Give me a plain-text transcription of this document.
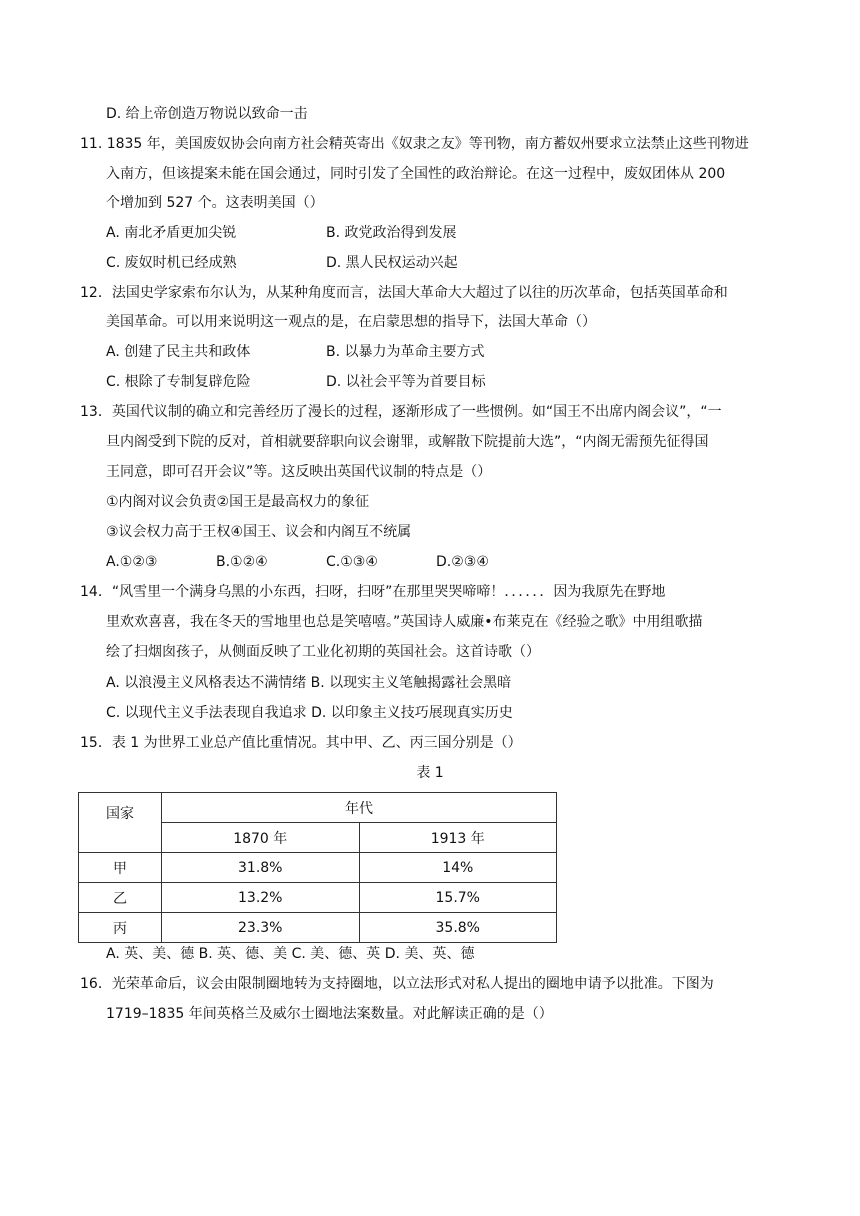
D. 给上帝创造万物说以致命一击
11. 1835 年，美国废奴协会向南方社会精英寄出《奴隶之友》等刊物，南方蓄奴州要求立法禁止这些刊物进
入南方，但该提案未能在国会通过，同时引发了全国性的政治辩论。在这一过程中，废奴团体从 200
个增加到 527 个。这表明美国（）
A. 南北矛盾更加尖锐	B. 政党政治得到发展
C. 废奴时机已经成熟	D. 黑人民权运动兴起
12．法国史学家索布尔认为，从某种角度而言，法国大革命大大超过了以往的历次革命，包括英国革命和
美国革命。可以用来说明这一观点的是，在启蒙思想的指导下，法国大革命（）
A. 创建了民主共和政体	B. 以暴力为革命主要方式
C. 根除了专制复辟危险	D. 以社会平等为首要目标
13．英国代议制的确立和完善经历了漫长的过程，逐渐形成了一些惯例。如“国王不出席内阁会议”，“一
旦内阁受到下院的反对，首相就要辞职向议会谢罪，或解散下院提前大选”，“内阁无需预先征得国
王同意，即可召开会议”等。这反映出英国代议制的特点是（）
①内阁对议会负责②国王是最高权力的象征
③议会权力高于王权④国王、议会和内阁互不统属
A.①②③	B.①②④	C.①③④	D.②③④
14．“风雪里一个满身乌黑的小东西，扫呀，扫呀”在那里哭哭啼啼！．．．．．．因为我原先在野地
里欢欢喜喜，我在冬天的雪地里也总是笑嘻嘻。”英国诗人威廉•布莱克在《经验之歌》中用组歌描
绘了扫烟囱孩子，从侧面反映了工业化初期的英国社会。这首诗歌（）
A. 以浪漫主义风格表达不满情绪 B. 以现实主义笔触揭露社会黑暗
C. 以现代主义手法表现自我追求 D. 以印象主义技巧展现真实历史
15．表 1 为世界工业总产值比重情况。其中甲、乙、丙三国分别是（）
表 1
国家	年代	
	1870 年	1913 年
甲	31.8%	14%
乙	13.2%	15.7%
丙	23.3%	35.8%
A. 英、美、德 B. 英、德、美 C. 美、德、英 D. 美、英、德
16．光荣革命后，议会由限制圈地转为支持圈地，以立法形式对私人提出的圈地申请予以批准。下图为
1719–1835 年间英格兰及威尔士圈地法案数量。对此解读正确的是（）
